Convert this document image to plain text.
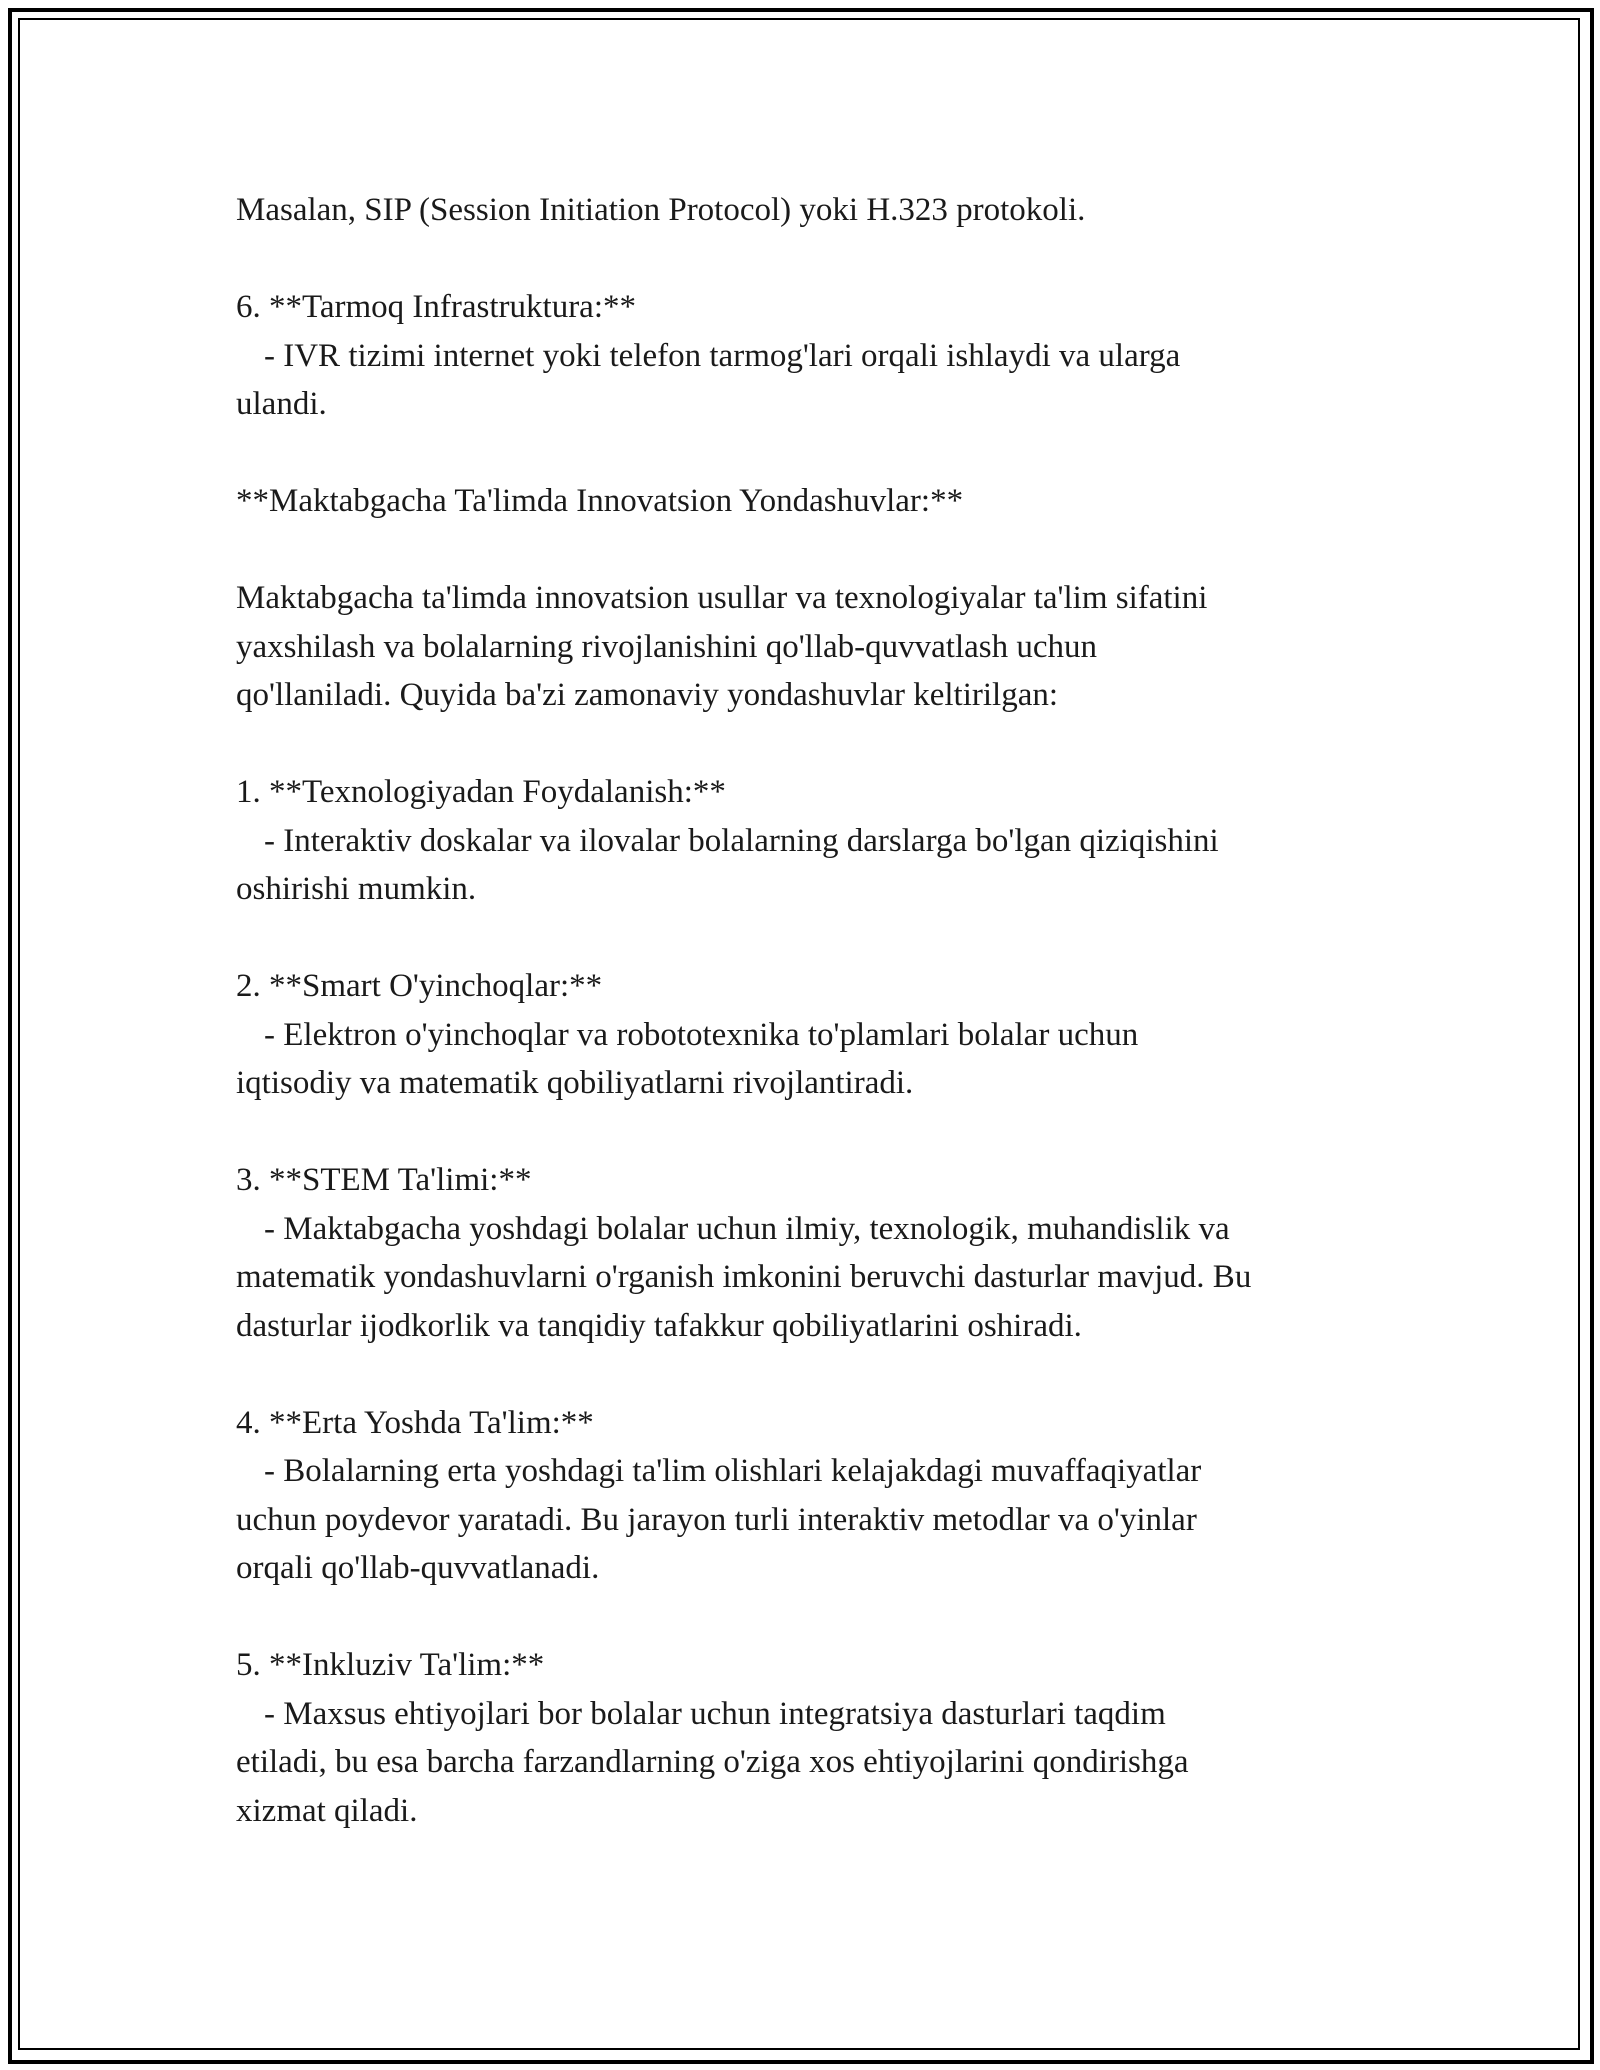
Masalan, SIP (Session Initiation Protocol) yoki H.323 protokoli.
6. **Tarmoq Infrastruktura:**
- IVR tizimi internet yoki telefon tarmog'lari orqali ishlaydi va ularga
ulandi.
**Maktabgacha Ta'limda Innovatsion Yondashuvlar:**
Maktabgacha ta'limda innovatsion usullar va texnologiyalar ta'lim sifatini
yaxshilash va bolalarning rivojlanishini qo'llab-quvvatlash uchun
qo'llaniladi. Quyida ba'zi zamonaviy yondashuvlar keltirilgan:
1. **Texnologiyadan Foydalanish:**
- Interaktiv doskalar va ilovalar bolalarning darslarga bo'lgan qiziqishini
oshirishi mumkin.
2. **Smart O'yinchoqlar:**
- Elektron o'yinchoqlar va robototexnika to'plamlari bolalar uchun
iqtisodiy va matematik qobiliyatlarni rivojlantiradi.
3. **STEM Ta'limi:**
- Maktabgacha yoshdagi bolalar uchun ilmiy, texnologik, muhandislik va
matematik yondashuvlarni o'rganish imkonini beruvchi dasturlar mavjud. Bu
dasturlar ijodkorlik va tanqidiy tafakkur qobiliyatlarini oshiradi.
4. **Erta Yoshda Ta'lim:**
- Bolalarning erta yoshdagi ta'lim olishlari kelajakdagi muvaffaqiyatlar
uchun poydevor yaratadi. Bu jarayon turli interaktiv metodlar va o'yinlar
orqali qo'llab-quvvatlanadi.
5. **Inkluziv Ta'lim:**
- Maxsus ehtiyojlari bor bolalar uchun integratsiya dasturlari taqdim
etiladi, bu esa barcha farzandlarning o'ziga xos ehtiyojlarini qondirishga
xizmat qiladi.
